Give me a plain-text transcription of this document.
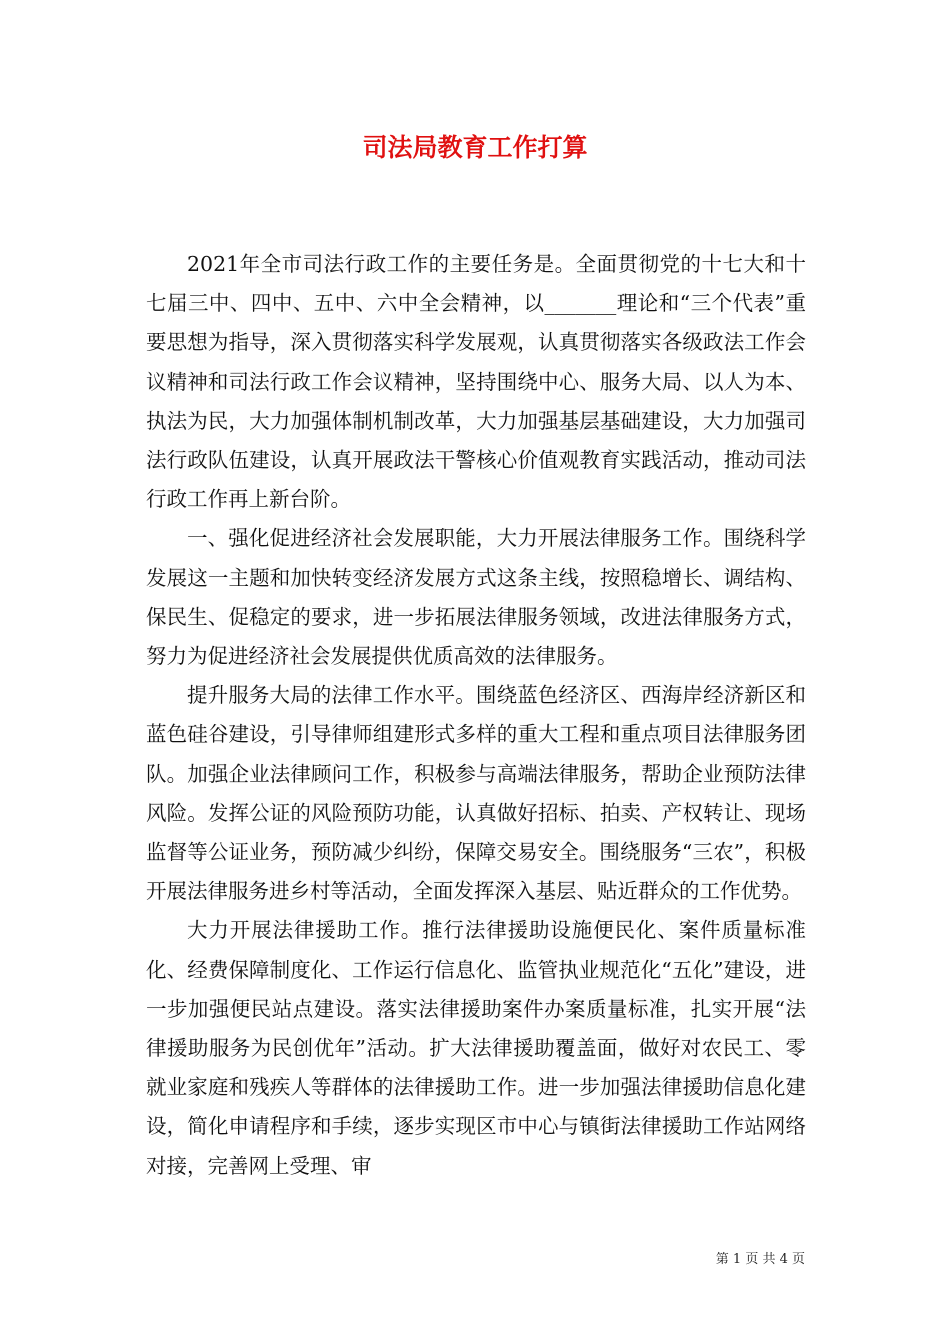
司法局教育工作打算

2021年全市司法行政工作的主要任务是。全面贯彻党的十七大和十七届三中、四中、五中、六中全会精神，以_______理论和“三个代表”重要思想为指导，深入贯彻落实科学发展观，认真贯彻落实各级政法工作会议精神和司法行政工作会议精神，坚持围绕中心、服务大局、以人为本、执法为民，大力加强体制机制改革，大力加强基层基础建设，大力加强司法行政队伍建设，认真开展政法干警核心价值观教育实践活动，推动司法行政工作再上新台阶。

一、强化促进经济社会发展职能，大力开展法律服务工作。围绕科学发展这一主题和加快转变经济发展方式这条主线，按照稳增长、调结构、保民生、促稳定的要求，进一步拓展法律服务领域，改进法律服务方式，努力为促进经济社会发展提供优质高效的法律服务。

提升服务大局的法律工作水平。围绕蓝色经济区、西海岸经济新区和蓝色硅谷建设，引导律师组建形式多样的重大工程和重点项目法律服务团队。加强企业法律顾问工作，积极参与高端法律服务，帮助企业预防法律风险。发挥公证的风险预防功能，认真做好招标、拍卖、产权转让、现场监督等公证业务，预防减少纠纷，保障交易安全。围绕服务“三农”，积极开展法律服务进乡村等活动，全面发挥深入基层、贴近群众的工作优势。

大力开展法律援助工作。推行法律援助设施便民化、案件质量标准化、经费保障制度化、工作运行信息化、监管执业规范化“五化”建设，进一步加强便民站点建设。落实法律援助案件办案质量标准，扎实开展“法律援助服务为民创优年”活动。扩大法律援助覆盖面，做好对农民工、零就业家庭和残疾人等群体的法律援助工作。进一步加强法律援助信息化建设，简化申请程序和手续，逐步实现区市中心与镇街法律援助工作站网络对接，完善网上受理、审

第 1 页 共 4 页
